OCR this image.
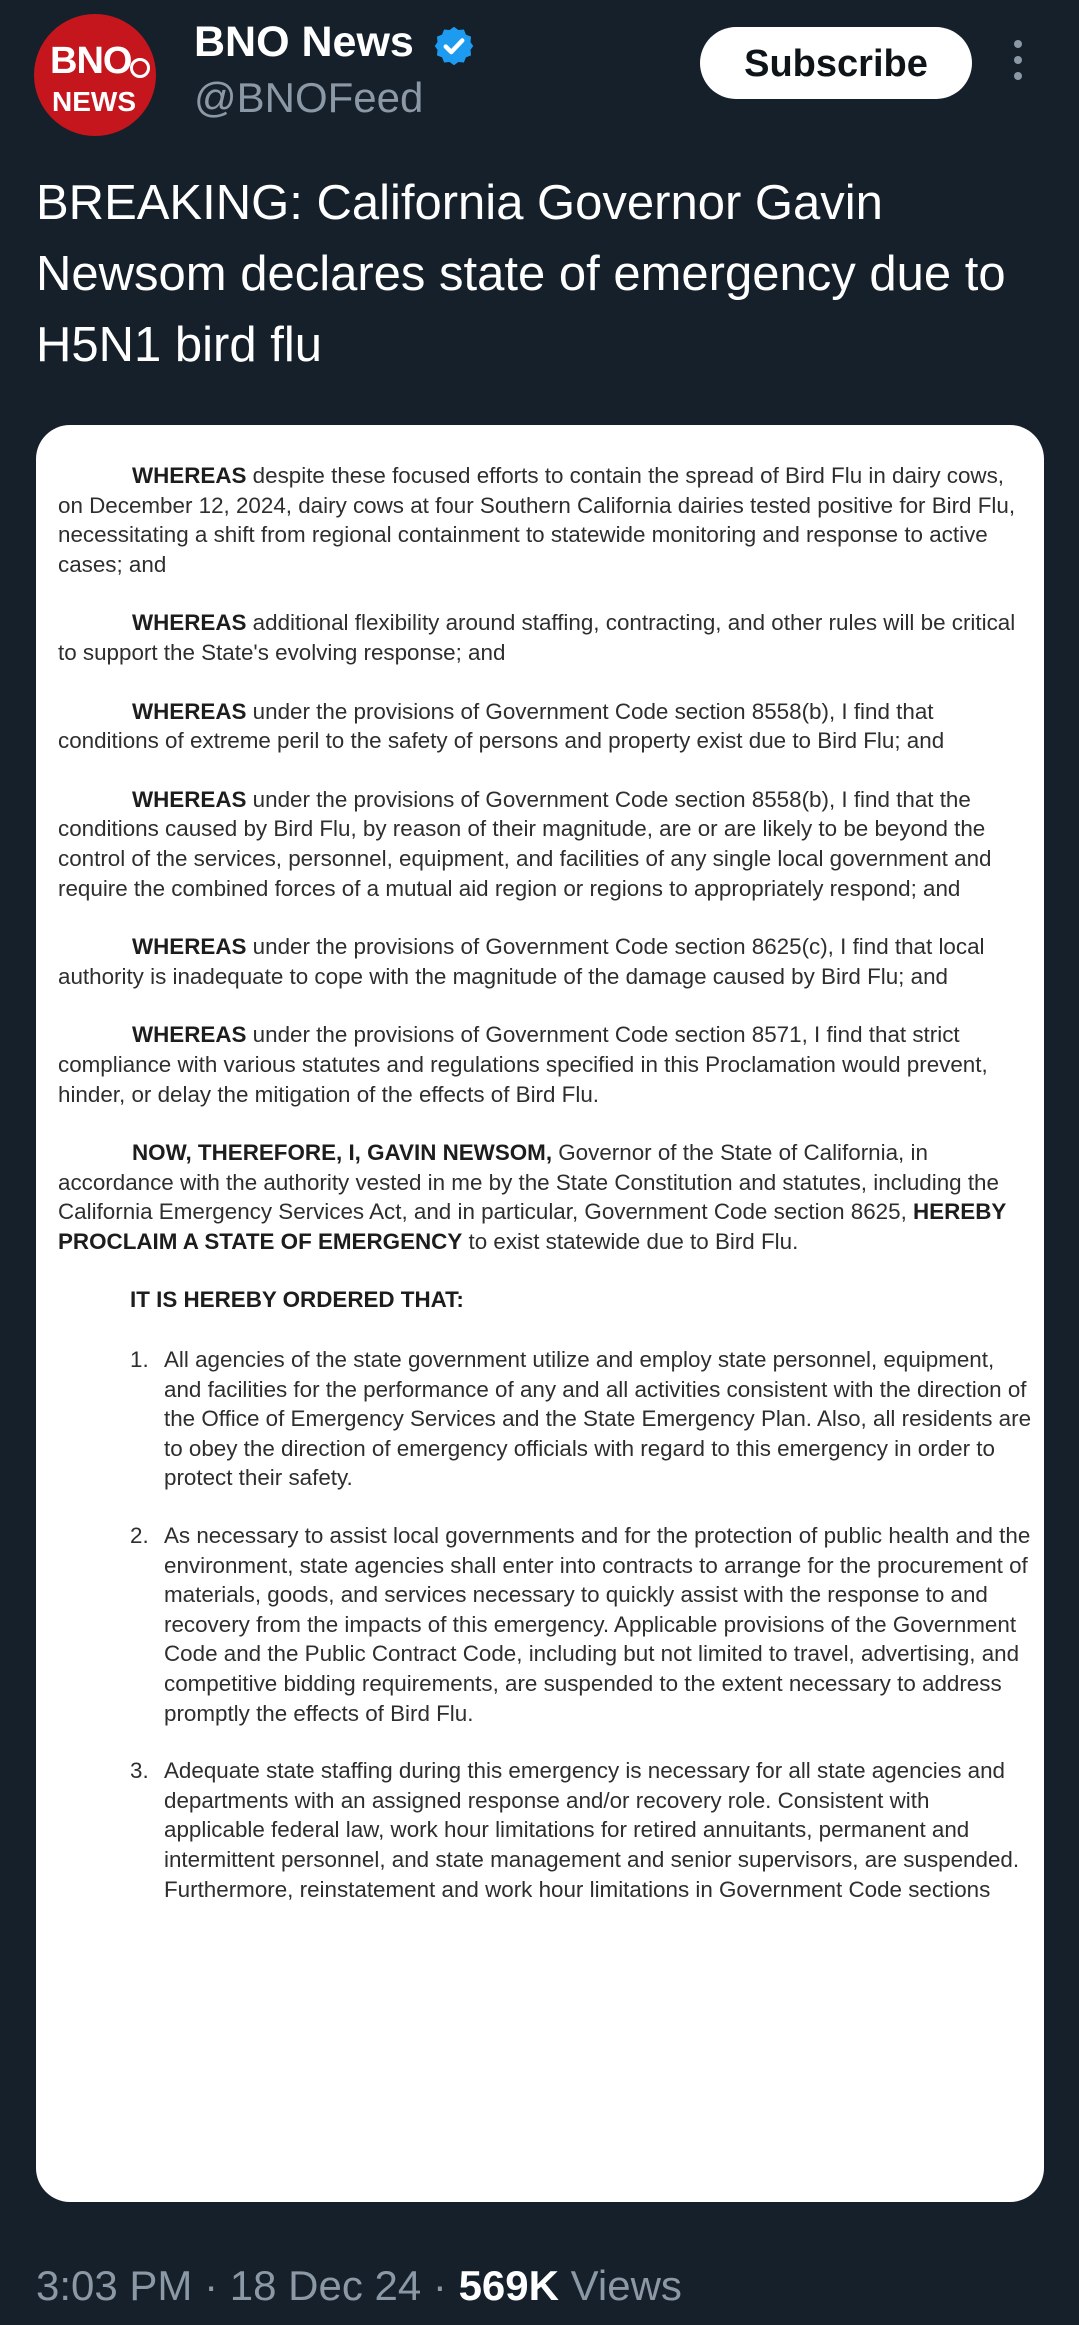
BNO
NEWS
BNO News
@BNOFeed
Subscribe
BREAKING: California Governor Gavin Newsom declares state of emergency due to H5N1 bird flu

WHEREAS despite these focused efforts to contain the spread of Bird Flu in dairy cows, on December 12, 2024, dairy cows at four Southern California dairies tested positive for Bird Flu, necessitating a shift from regional containment to statewide monitoring and response to active cases; and

WHEREAS additional flexibility around staffing, contracting, and other rules will be critical to support the State's evolving response; and

WHEREAS under the provisions of Government Code section 8558(b), I find that conditions of extreme peril to the safety of persons and property exist due to Bird Flu; and

WHEREAS under the provisions of Government Code section 8558(b), I find that the conditions caused by Bird Flu, by reason of their magnitude, are or are likely to be beyond the control of the services, personnel, equipment, and facilities of any single local government and require the combined forces of a mutual aid region or regions to appropriately respond; and

WHEREAS under the provisions of Government Code section 8625(c), I find that local authority is inadequate to cope with the magnitude of the damage caused by Bird Flu; and

WHEREAS under the provisions of Government Code section 8571, I find that strict compliance with various statutes and regulations specified in this Proclamation would prevent, hinder, or delay the mitigation of the effects of Bird Flu.

NOW, THEREFORE, I, GAVIN NEWSOM, Governor of the State of California, in accordance with the authority vested in me by the State Constitution and statutes, including the California Emergency Services Act, and in particular, Government Code section 8625, HEREBY PROCLAIM A STATE OF EMERGENCY to exist statewide due to Bird Flu.

IT IS HEREBY ORDERED THAT:

1. All agencies of the state government utilize and employ state personnel, equipment, and facilities for the performance of any and all activities consistent with the direction of the Office of Emergency Services and the State Emergency Plan. Also, all residents are to obey the direction of emergency officials with regard to this emergency in order to protect their safety.
2. As necessary to assist local governments and for the protection of public health and the environment, state agencies shall enter into contracts to arrange for the procurement of materials, goods, and services necessary to quickly assist with the response to and recovery from the impacts of this emergency. Applicable provisions of the Government Code and the Public Contract Code, including but not limited to travel, advertising, and competitive bidding requirements, are suspended to the extent necessary to address promptly the effects of Bird Flu.
3. Adequate state staffing during this emergency is necessary for all state agencies and departments with an assigned response and/or recovery role. Consistent with applicable federal law, work hour limitations for retired annuitants, permanent and intermittent personnel, and state management and senior supervisors, are suspended. Furthermore, reinstatement and work hour limitations in Government Code sections
3:03 PM · 18 Dec 24 · 569K Views
